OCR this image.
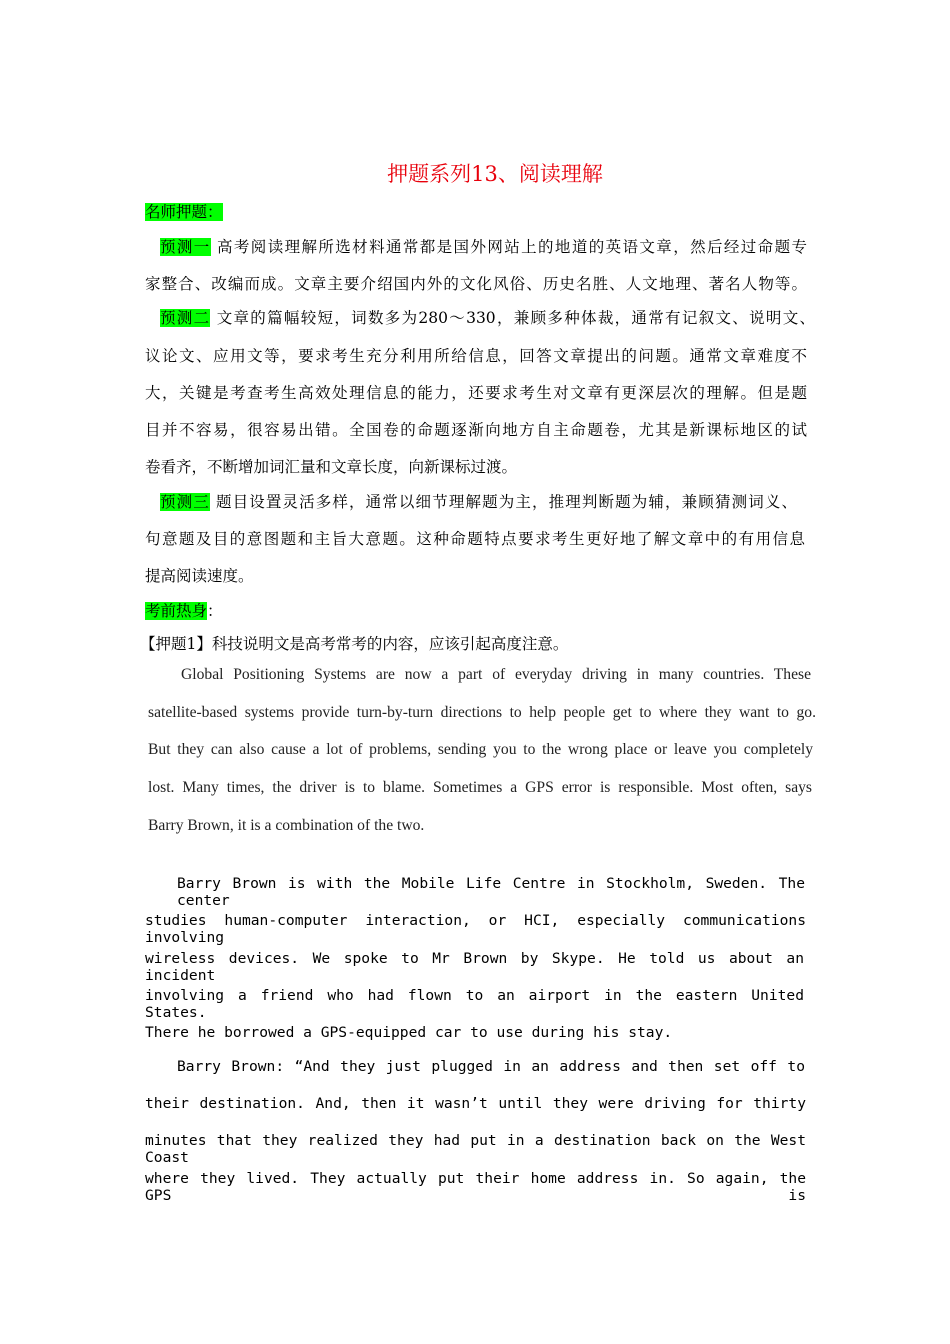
押题系列13、阅读理解
名师押题：
预测一 高考阅读理解所选材料通常都是国外网站上的地道的英语文章，然后经过命题专
家整合、改编而成。文章主要介绍国内外的文化风俗、历史名胜、人文地理、著名人物等。
预测二 文章的篇幅较短，词数多为280～330，兼顾多种体裁，通常有记叙文、说明文、
议论文、应用文等，要求考生充分利用所给信息，回答文章提出的问题。通常文章难度不
大，关键是考查考生高效处理信息的能力，还要求考生对文章有更深层次的理解。但是题
目并不容易，很容易出错。全国卷的命题逐渐向地方自主命题卷，尤其是新课标地区的试
卷看齐，不断增加词汇量和文章长度，向新课标过渡。
预测三 题目设置灵活多样，通常以细节理解题为主，推理判断题为辅，兼顾猜测词义、
句意题及目的意图题和主旨大意题。这种命题特点要求考生更好地了解文章中的有用信息
提高阅读速度。
考前热身：
【押题1】科技说明文是高考常考的内容，应该引起高度注意。
Global Positioning Systems are now a part of everyday driving in many countries. These
satellite-based systems provide turn-by-turn directions to help people get to where they want to go.
But they can also cause a lot of problems, sending you to the wrong place or leave you completely
lost. Many times, the driver is to blame. Sometimes a GPS error is responsible. Most often, says
Barry Brown, it is a combination of the two.
Barry Brown is with the Mobile Life Centre in Stockholm, Sweden. The center
studies human-computer interaction, or HCI, especially communications involving
wireless devices. We spoke to Mr Brown by Skype. He told us about an incident
involving a friend who had flown to an airport in the eastern United States.
There he borrowed a GPS-equipped car to use during his stay.
Barry Brown: “And they just plugged in an address and then set off to
their destination. And, then it wasn’t until they were driving for thirty
minutes that they realized they had put in a destination back on the West Coast
where they lived. They actually put their home address in. So again, the GPS is
